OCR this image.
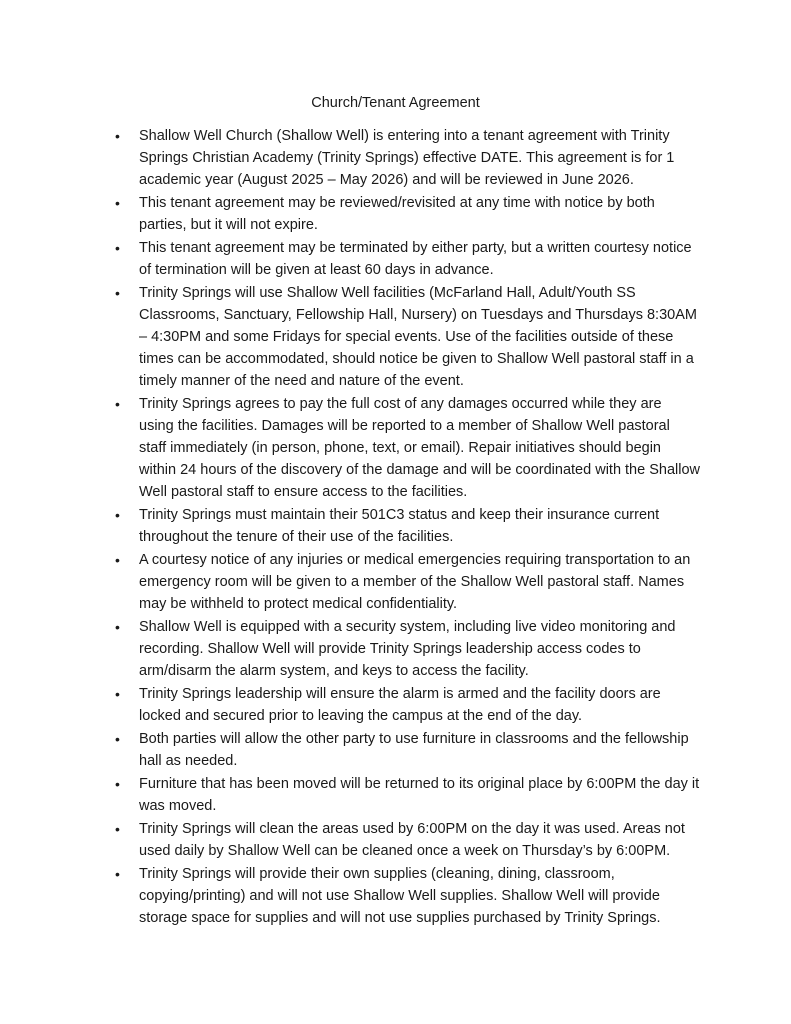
Church/Tenant Agreement
• Shallow Well Church (Shallow Well) is entering into a tenant agreement with Trinity Springs Christian Academy (Trinity Springs) effective DATE. This agreement is for 1 academic year (August 2025 – May 2026) and will be reviewed in June 2026.
• This tenant agreement may be reviewed/revisited at any time with notice by both parties, but it will not expire.
• This tenant agreement may be terminated by either party, but a written courtesy notice of termination will be given at least 60 days in advance.
• Trinity Springs will use Shallow Well facilities (McFarland Hall, Adult/Youth SS Classrooms, Sanctuary, Fellowship Hall, Nursery) on Tuesdays and Thursdays 8:30AM – 4:30PM and some Fridays for special events. Use of the facilities outside of these times can be accommodated, should notice be given to Shallow Well pastoral staff in a timely manner of the need and nature of the event.
• Trinity Springs agrees to pay the full cost of any damages occurred while they are using the facilities. Damages will be reported to a member of Shallow Well pastoral staff immediately (in person, phone, text, or email). Repair initiatives should begin within 24 hours of the discovery of the damage and will be coordinated with the Shallow Well pastoral staff to ensure access to the facilities.
• Trinity Springs must maintain their 501C3 status and keep their insurance current throughout the tenure of their use of the facilities.
• A courtesy notice of any injuries or medical emergencies requiring transportation to an emergency room will be given to a member of the Shallow Well pastoral staff. Names may be withheld to protect medical confidentiality.
• Shallow Well is equipped with a security system, including live video monitoring and recording. Shallow Well will provide Trinity Springs leadership access codes to arm/disarm the alarm system, and keys to access the facility.
• Trinity Springs leadership will ensure the alarm is armed and the facility doors are locked and secured prior to leaving the campus at the end of the day.
• Both parties will allow the other party to use furniture in classrooms and the fellowship hall as needed.
• Furniture that has been moved will be returned to its original place by 6:00PM the day it was moved.
• Trinity Springs will clean the areas used by 6:00PM on the day it was used. Areas not used daily by Shallow Well can be cleaned once a week on Thursday’s by 6:00PM.
• Trinity Springs will provide their own supplies (cleaning, dining, classroom, copying/printing) and will not use Shallow Well supplies. Shallow Well will provide storage space for supplies and will not use supplies purchased by Trinity Springs.
